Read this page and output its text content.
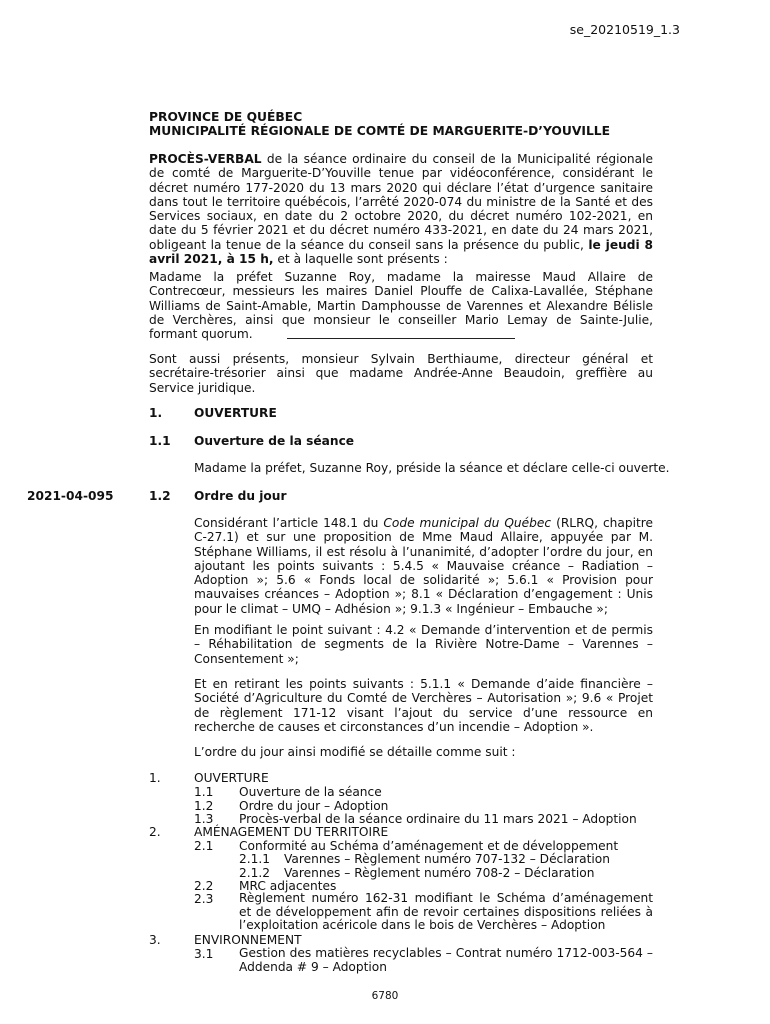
se_20210519_1.3
PROVINCE DE QUÉBEC
MUNICIPALITÉ RÉGIONALE DE COMTÉ DE MARGUERITE-D’YOUVILLE

PROCÈS-VERBAL de la séance ordinaire du conseil de la Municipalité régionale de comté de Marguerite-D’Youville tenue par vidéoconférence, considérant le décret numéro 177-2020 du 13 mars 2020 qui déclare l’état d’urgence sanitaire dans tout le territoire québécois, l’arrêté 2020-074 du ministre de la Santé et des Services sociaux, en date du 2 octobre 2020, du décret numéro 102-2021, en date du 5 février 2021 et du décret numéro 433-2021, en date du 24 mars 2021, obligeant la tenue de la séance du conseil sans la présence du public, le jeudi 8 avril 2021, à 15 h, et à laquelle sont présents :

Madame la préfet Suzanne Roy, madame la mairesse Maud Allaire de Contrecœur, messieurs les maires Daniel Plouffe de Calixa-Lavallée, Stéphane Williams de Saint-Amable, Martin Damphousse de Varennes et Alexandre Bélisle de Verchères, ainsi que monsieur le conseiller Mario Lemay de Sainte-Julie, formant quorum.

Sont aussi présents, monsieur Sylvain Berthiaume, directeur général et secrétaire-trésorier ainsi que madame Andrée-Anne Beaudoin, greffière au Service juridique.

1.	OUVERTURE
1.1 Ouverture de la séance
Madame la préfet, Suzanne Roy, préside la séance et déclare celle-ci ouverte.
2021-04-095	1.2 Ordre du jour

Considérant l’article 148.1 du Code municipal du Québec (RLRQ, chapitre C-27.1) et sur une proposition de Mme Maud Allaire, appuyée par M. Stéphane Williams, il est résolu à l’unanimité, d’adopter l’ordre du jour, en ajoutant les points suivants : 5.4.5 « Mauvaise créance – Radiation – Adoption »; 5.6 « Fonds local de solidarité »; 5.6.1 « Provision pour mauvaises créances – Adoption »; 8.1 « Déclaration d’engagement : Unis pour le climat – UMQ – Adhésion »; 9.1.3 « Ingénieur – Embauche »;

En modifiant le point suivant : 4.2 « Demande d’intervention et de permis – Réhabilitation de segments de la Rivière Notre-Dame – Varennes – Consentement »;

Et en retirant les points suivants : 5.1.1 « Demande d’aide financière – Société d’Agriculture du Comté de Verchères – Autorisation »; 9.6 « Projet de règlement 171-12 visant l’ajout du service d’une ressource en recherche de causes et circonstances d’un incendie – Adoption ».

L’ordre du jour ainsi modifié se détaille comme suit :
1.	OUVERTURE
1.1 Ouverture de la séance
1.2 Ordre du jour – Adoption
1.3 Procès-verbal de la séance ordinaire du 11 mars 2021 – Adoption
2.	AMÉNAGEMENT DU TERRITOIRE
2.1 Conformité au Schéma d’aménagement et de développement
2.1.1 Varennes – Règlement numéro 707-132 – Déclaration
2.1.2 Varennes – Règlement numéro 708-2 – Déclaration
2.2 MRC adjacentes
2.3 Règlement numéro 162-31 modifiant le Schéma d’aménagement et de développement afin de revoir certaines dispositions reliées à l’exploitation acéricole dans le bois de Verchères – Adoption

3.	ENVIRONNEMENT
3.1 Gestion des matières recyclables – Contrat numéro 1712-003-564 – Addenda # 9 – Adoption

6780
